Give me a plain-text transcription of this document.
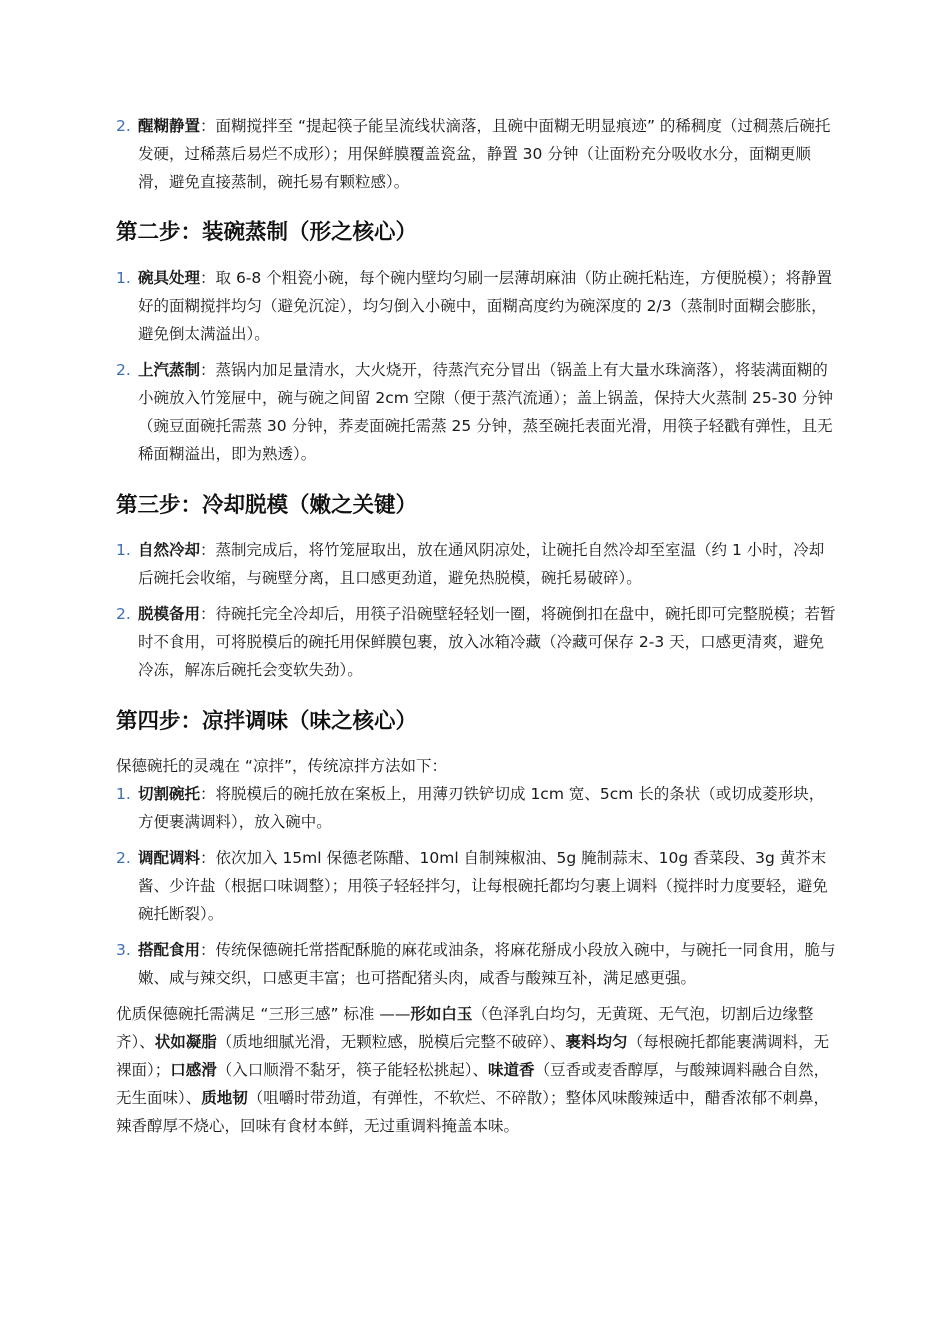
2. 醒糊静置：面糊搅拌至 “提起筷子能呈流线状滴落，且碗中面糊无明显痕迹” 的稀稠度（过稠蒸后碗托发硬，过稀蒸后易烂不成形）；用保鲜膜覆盖瓷盆，静置 30 分钟（让面粉充分吸收水分，面糊更顺滑，避免直接蒸制，碗托易有颗粒感）。
第二步：装碗蒸制（形之核心）
1. 碗具处理：取 6-8 个粗瓷小碗，每个碗内壁均匀刷一层薄胡麻油（防止碗托粘连，方便脱模）；将静置好的面糊搅拌均匀（避免沉淀），均匀倒入小碗中，面糊高度约为碗深度的 2/3（蒸制时面糊会膨胀，避免倒太满溢出）。
2. 上汽蒸制：蒸锅内加足量清水，大火烧开，待蒸汽充分冒出（锅盖上有大量水珠滴落），将装满面糊的小碗放入竹笼屉中，碗与碗之间留 2cm 空隙（便于蒸汽流通）；盖上锅盖，保持大火蒸制 25-30 分钟（豌豆面碗托需蒸 30 分钟，荞麦面碗托需蒸 25 分钟，蒸至碗托表面光滑，用筷子轻戳有弹性，且无稀面糊溢出，即为熟透）。
第三步：冷却脱模（嫩之关键）
1. 自然冷却：蒸制完成后，将竹笼屉取出，放在通风阴凉处，让碗托自然冷却至室温（约 1 小时，冷却后碗托会收缩，与碗壁分离，且口感更劲道，避免热脱模，碗托易破碎）。
2. 脱模备用：待碗托完全冷却后，用筷子沿碗壁轻轻划一圈，将碗倒扣在盘中，碗托即可完整脱模；若暂时不食用，可将脱模后的碗托用保鲜膜包裹，放入冰箱冷藏（冷藏可保存 2-3 天，口感更清爽，避免冷冻，解冻后碗托会变软失劲）。
第四步：凉拌调味（味之核心）

保德碗托的灵魂在 “凉拌”，传统凉拌方法如下：

1. 切割碗托：将脱模后的碗托放在案板上，用薄刃铁铲切成 1cm 宽、5cm 长的条状（或切成菱形块，方便裹满调料），放入碗中。
2. 调配调料：依次加入 15ml 保德老陈醋、10ml 自制辣椒油、5g 腌制蒜末、10g 香菜段、3g 黄芥末酱、少许盐（根据口味调整）；用筷子轻轻拌匀，让每根碗托都均匀裹上调料（搅拌时力度要轻，避免碗托断裂）。
3. 搭配食用：传统保德碗托常搭配酥脆的麻花或油条，将麻花掰成小段放入碗中，与碗托一同食用，脆与嫩、咸与辣交织，口感更丰富；也可搭配猪头肉，咸香与酸辣互补，满足感更强。

优质保德碗托需满足 “三形三感” 标准 ——形如白玉（色泽乳白均匀，无黄斑、无气泡，切割后边缘整齐）、状如凝脂（质地细腻光滑，无颗粒感，脱模后完整不破碎）、裹料均匀（每根碗托都能裹满调料，无裸面）；口感滑（入口顺滑不黏牙，筷子能轻松挑起）、味道香（豆香或麦香醇厚，与酸辣调料融合自然，无生面味）、质地韧（咀嚼时带劲道，有弹性，不软烂、不碎散）；整体风味酸辣适中，醋香浓郁不刺鼻，辣香醇厚不烧心，回味有食材本鲜，无过重调料掩盖本味。
